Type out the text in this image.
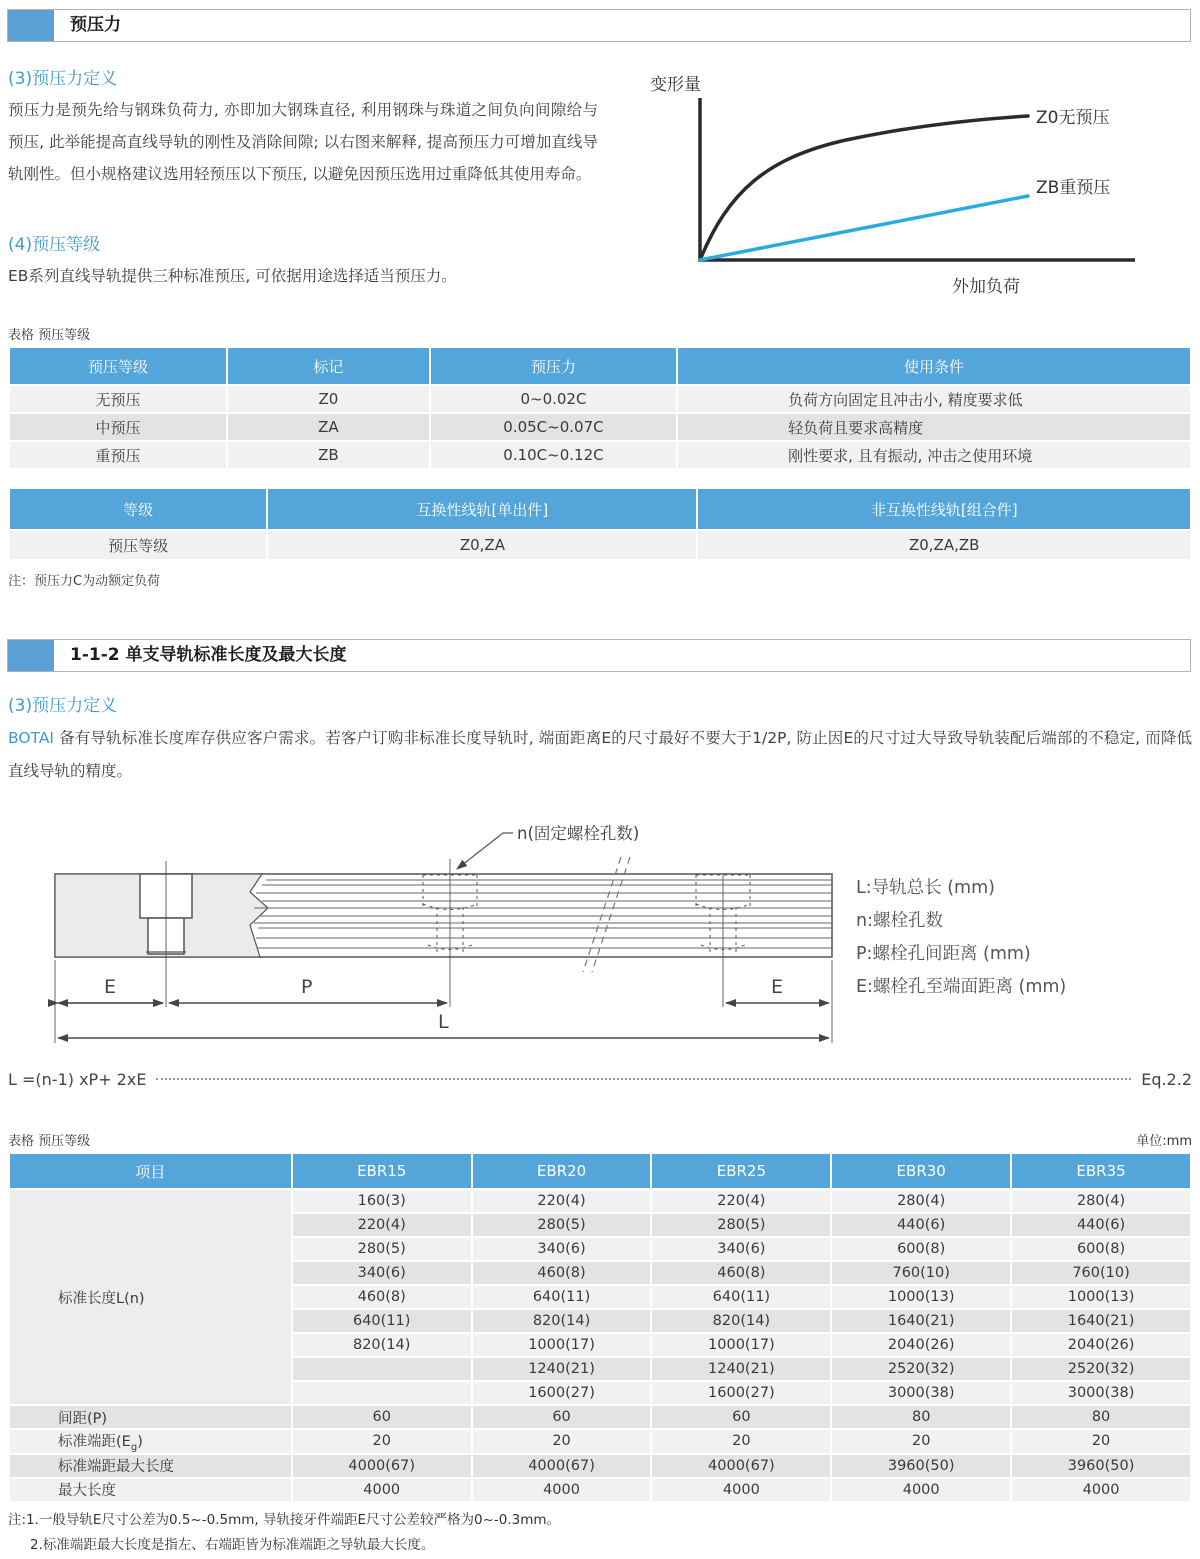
预压力
(3)预压力定义
预压力是预先给与钢珠负荷力, 亦即加大钢珠直径, 利用钢珠与珠道之间负向间隙给与预压, 此举能提高直线导轨的刚性及消除间隙; 以右图来解释, 提高预压力可增加直线导轨刚性。但小规格建议选用轻预压以下预压, 以避免因预压选用过重降低其使用寿命。
(4)预压等级
EB系列直线导轨提供三种标准预压, 可依据用途选择适当预压力。
变形量
外加负荷
Z0无预压
ZB重预压
表格 预压等级
预压等级	标记	预压力	使用条件
无预压	Z0	0~0.02C	负荷方向固定且冲击小, 精度要求低
中预压	ZA	0.05C~0.07C	轻负荷且要求高精度
重预压	ZB	0.10C~0.12C	刚性要求, 且有振动, 冲击之使用环境
等级	互换性线轨[单出件]	非互换性线轨[组合件]
预压等级	Z0,ZA	Z0,ZA,ZB
注：预压力C为动额定负荷
1-1-2 单支导轨标准长度及最大长度
(3)预压力定义
BOTAI 备有导轨标准长度库存供应客户需求。若客户订购非标准长度导轨时, 端面距离E的尺寸最好不要大于1/2P, 防止因E的尺寸过大导致导轨装配后端部的不稳定, 而降低直线导轨的精度。
n(固定螺栓孔数)
E	P	E
L
L:导轨总长 (mm)
n:螺栓孔数
P:螺栓孔间距离 (mm)
E:螺栓孔至端面距离 (mm)
L =(n-1) xP+ 2xE	Eq.2.2
表格 预压等级	单位:mm
项目	EBR15	EBR20	EBR25	EBR30	EBR35
标准长度L(n)	160(3)	220(4)	220(4)	280(4)	280(4)
	220(4)	280(5)	280(5)	440(6)	440(6)
	280(5)	340(6)	340(6)	600(8)	600(8)
	340(6)	460(8)	460(8)	760(10)	760(10)
	460(8)	640(11)	640(11)	1000(13)	1000(13)
	640(11)	820(14)	820(14)	1640(21)	1640(21)
	820(14)	1000(17)	1000(17)	2040(26)	2040(26)
		1240(21)	1240(21)	2520(32)	2520(32)
		1600(27)	1600(27)	3000(38)	3000(38)
间距(P)	60	60	60	80	80
标准端距$(E_g)$	20	20	20	20	20
标准端距最大长度	4000(67)	4000(67)	4000(67)	3960(50)	3960(50)
最大长度	4000	4000	4000	4000	4000
注:1.一般导轨E尺寸公差为0.5~-0.5mm, 导轨接牙件端距E尺寸公差较严格为0~-0.3mm。
2.标准端距最大长度是指左、右端距皆为标准端距之导轨最大长度。
